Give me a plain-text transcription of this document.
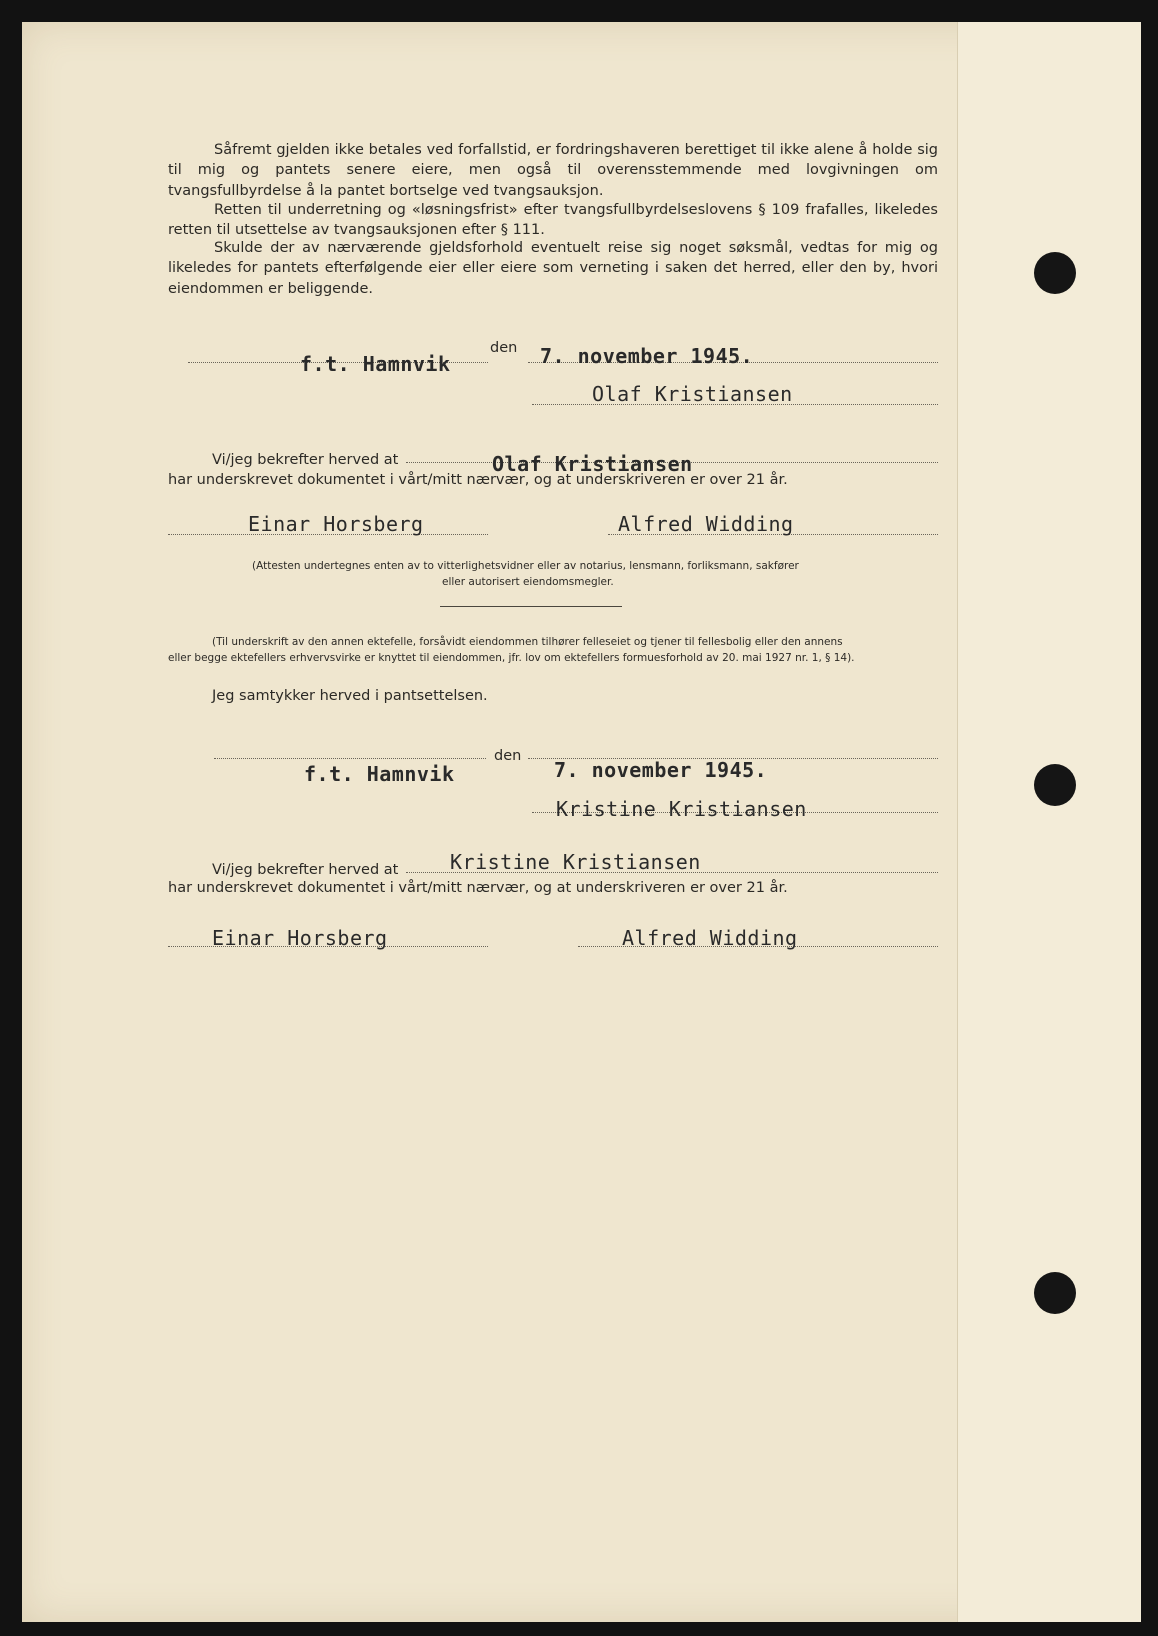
Såfremt gjelden ikke betales ved forfallstid, er fordringshaveren berettiget til ikke alene å holde sig til mig og pantets senere eiere, men også til overensstemmende med lovgivningen om tvangsfullbyrdelse å la pantet bortselge ved tvangsauksjon.
Retten til underretning og «løsningsfrist» efter tvangsfullbyrdelseslovens § 109 frafalles, likeledes retten til utsettelse av tvangsauksjonen efter § 111.
Skulde der av nærværende gjeldsforhold eventuelt reise sig noget søksmål, vedtas for mig og likeledes for pantets efterfølgende eier eller eiere som verneting i saken det herred, eller den by, hvori eiendommen er beliggende.
den
f.t. Hamnvik	7. november 1945.
Olaf Kristiansen
Vi/jeg bekrefter herved at
har underskrevet dokumentet i vårt/mitt nærvær, og at underskriveren er over 21 år.
Olaf Kristiansen
Einar Horsberg	Alfred Widding
(Attesten undertegnes enten av to vitterlighetsvidner eller av notarius, lensmann, forliksmann, sakfører
eller autorisert eiendomsmegler.
(Til underskrift av den annen ektefelle, forsåvidt eiendommen tilhører felleseiet og tjener til fellesbolig eller den annens
eller begge ektefellers erhvervsvirke er knyttet til eiendommen, jfr. lov om ektefellers formuesforhold av 20. mai 1927 nr. 1, § 14).
Jeg samtykker herved i pantsettelsen.
den
f.t. Hamnvik	7. november 1945.
Kristine Kristiansen
Vi/jeg bekrefter herved at	Kristine Kristiansen
har underskrevet dokumentet i vårt/mitt nærvær, og at underskriveren er over 21 år.
Einar Horsberg	Alfred Widding
